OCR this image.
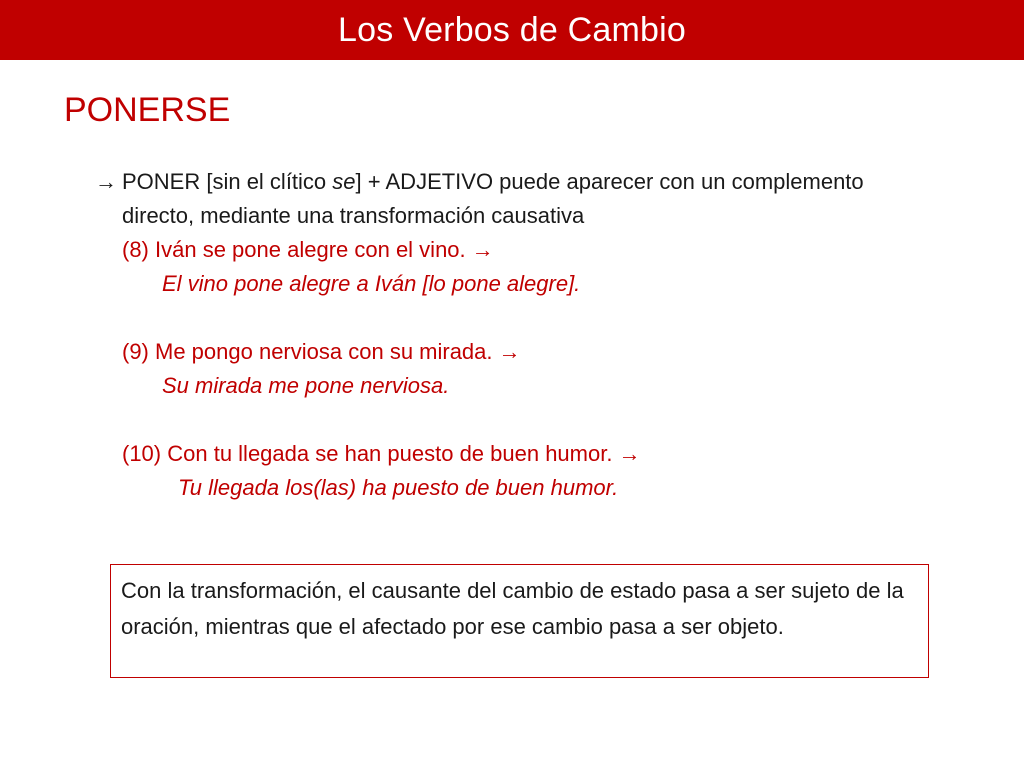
Los Verbos de Cambio
PONERSE
→ PONER [sin el clítico se] + ADJETIVO puede aparecer con un complemento directo, mediante una transformación causativa
(8) Iván se pone alegre con el vino. →
El vino pone alegre a Iván [lo pone alegre].
(9) Me pongo nerviosa con su mirada. →
Su mirada me pone nerviosa.
(10) Con tu llegada se han puesto de buen humor. →
Tu llegada los(las) ha puesto de buen humor.
Con la transformación, el causante del cambio de estado pasa a ser sujeto de la oración, mientras que el afectado por ese cambio pasa a ser objeto.
